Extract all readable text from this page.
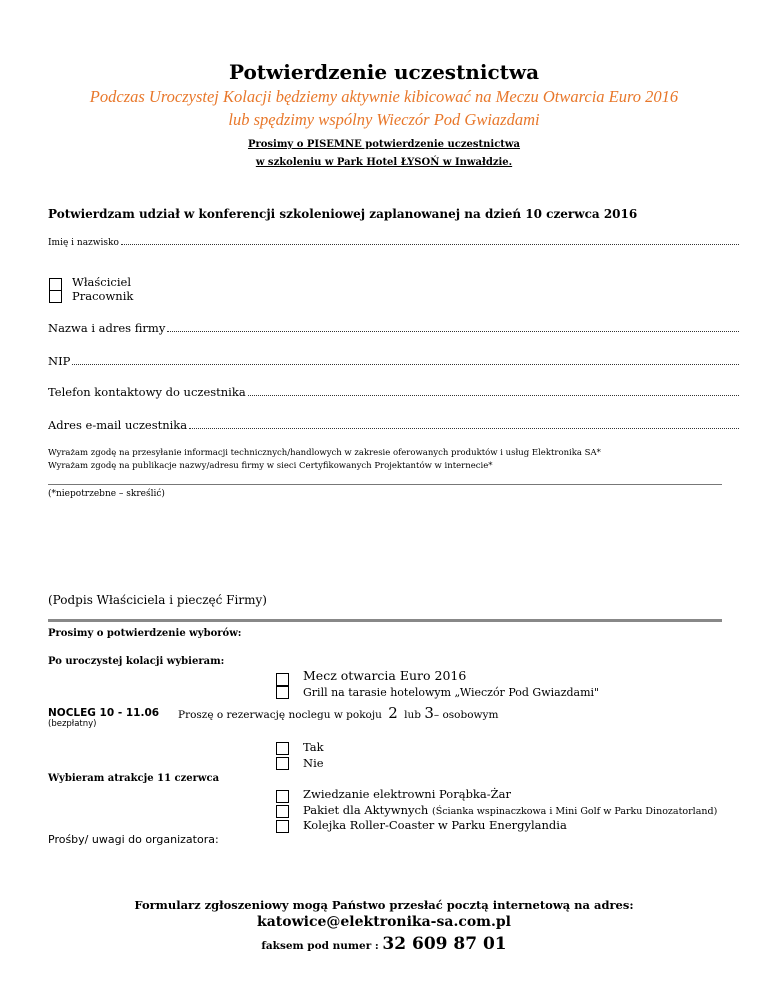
Potwierdzenie uczestnictwa
Podczas Uroczystej Kolacji będziemy aktywnie kibicować na Meczu Otwarcia Euro 2016
lub spędzimy wspólny Wieczór Pod Gwiazdami
Prosimy o PISEMNE potwierdzenie uczestnictwa
w szkoleniu w Park Hotel ŁYSOŃ w Inwałdzie.
Potwierdzam udział w konferencji szkoleniowej zaplanowanej na dzień 10 czerwca 2016
Imię i nazwisko
Właściciel
Pracownik
Nazwa i adres firmy
NIP
Telefon kontaktowy do uczestnika
Adres e-mail uczestnika
Wyrażam zgodę na przesyłanie informacji technicznych/handlowych w zakresie oferowanych produktów i usług Elektronika SA*
Wyrażam zgodę na publikacje nazwy/adresu firmy w sieci Certyfikowanych Projektantów w internecie*
(*niepotrzebne – skreślić)
(Podpis Właściciela i pieczęć Firmy)
Prosimy o potwierdzenie wyborów:
Po uroczystej kolacji wybieram:
Mecz otwarcia Euro 2016
Grill na tarasie hotelowym „Wieczór Pod Gwiazdami"
NOCLEG 10 - 11.06
(bezpłatny)
Proszę o rezerwację noclegu w pokoju 2 lub 3– osobowym
Tak
Nie
Wybieram atrakcje 11 czerwca
Zwiedzanie elektrowni Porąbka-Żar
Pakiet dla Aktywnych (Ścianka wspinaczkowa i Mini Golf w Parku Dinozatorland)
Kolejka Roller-Coaster w Parku Energylandia
Prośby/ uwagi do organizatora:
Formularz zgłoszeniowy mogą Państwo przesłać pocztą internetową na adres:
katowice@elektronika-sa.com.pl
faksem pod numer : 32 609 87 01
